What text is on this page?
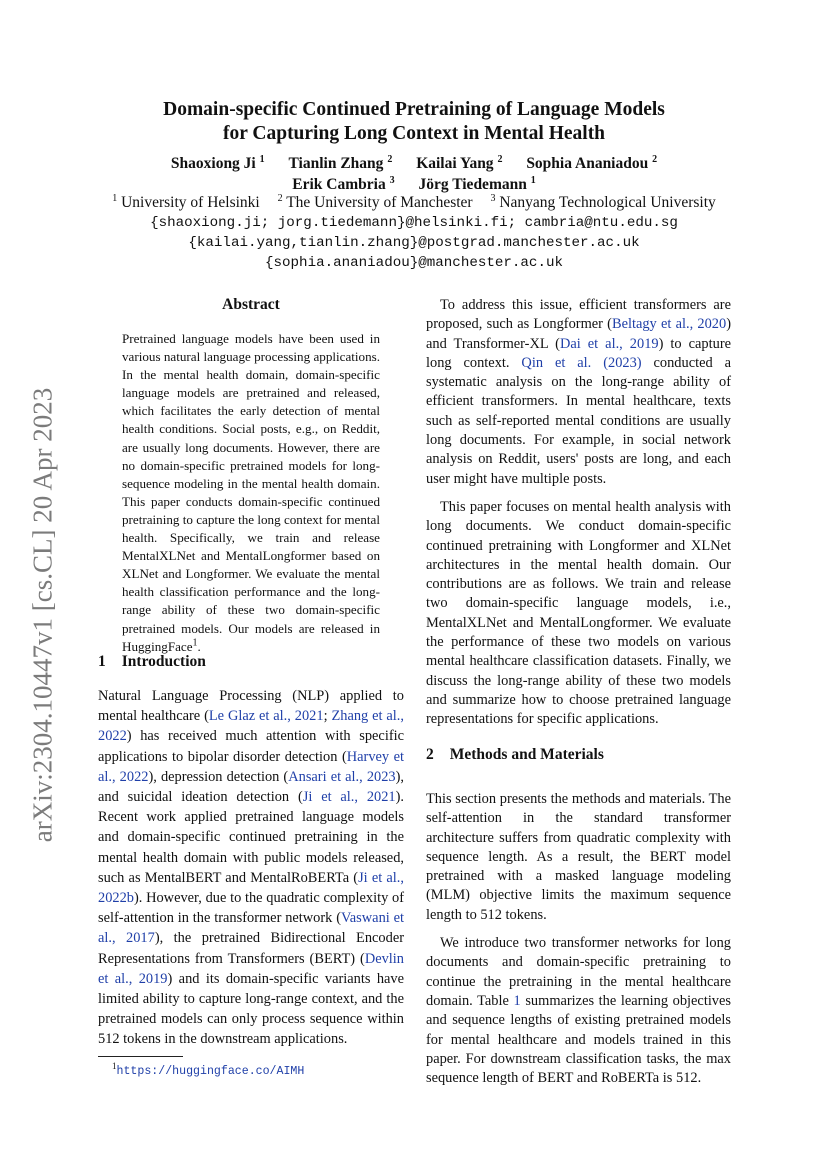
arXiv:2304.10447v1 [cs.CL] 20 Apr 2023
Domain-specific Continued Pretraining of Language Models
for Capturing Long Context in Mental Health
Shaoxiong Ji $^1$ Tianlin Zhang $^2$ Kailai Yang $^2$ Sophia Ananiadou $^2$
Erik Cambria $^3$ Jörg Tiedemann $^1$
$^1$ University of Helsinki $^2$ The University of Manchester $^3$ Nanyang Technological University
{shaoxiong.ji; jorg.tiedemann}@helsinki.fi; cambria@ntu.edu.sg
{kailai.yang,tianlin.zhang}@postgrad.manchester.ac.uk
{sophia.ananiadou}@manchester.ac.uk
Abstract
Pretrained language models have been used in various natural language processing applications. In the mental health domain, domain-specific language models are pretrained and released, which facilitates the early detection of mental health conditions. Social posts, e.g., on Reddit, are usually long documents. However, there are no domain-specific pretrained models for long-sequence modeling in the mental health domain. This paper conducts domain-specific continued pretraining to capture the long context for mental health. Specifically, we train and release MentalXLNet and MentalLongformer based on XLNet and Longformer. We evaluate the mental health classification performance and the long-range ability of these two domain-specific pretrained models. Our models are released in HuggingFace$^1$.
1 Introduction
Natural Language Processing (NLP) applied to mental healthcare (Le Glaz et al., 2021; Zhang et al., 2022) has received much attention with specific applications to bipolar disorder detection (Harvey et al., 2022), depression detection (Ansari et al., 2023), and suicidal ideation detection (Ji et al., 2021). Recent work applied pretrained language models and domain-specific continued pretraining in the mental health domain with public models released, such as MentalBERT and MentalRoBERTa (Ji et al., 2022b). However, due to the quadratic complexity of self-attention in the transformer network (Vaswani et al., 2017), the pretrained Bidirectional Encoder Representations from Transformers (BERT) (Devlin et al., 2019) and its domain-specific variants have limited ability to capture long-range context, and the pretrained models can only process sequence within 512 tokens in the downstream applications.

To address this issue, efficient transformers are proposed, such as Longformer (Beltagy et al., 2020) and Transformer-XL (Dai et al., 2019) to capture long context. Qin et al. (2023) conducted a systematic analysis on the long-range ability of efficient transformers. In mental healthcare, texts such as self-reported mental conditions are usually long documents. For example, in social network analysis on Reddit, users' posts are long, and each user might have multiple posts.

This paper focuses on mental health analysis with long documents. We conduct domain-specific continued pretraining with Longformer and XLNet architectures in the mental health domain. Our contributions are as follows. We train and release two domain-specific language models, i.e., MentalXLNet and MentalLongformer. We evaluate the performance of these two models on various mental healthcare classification datasets. Finally, we discuss the long-range ability of these two models and summarize how to choose pretrained language representations for specific applications.

2 Methods and Materials

This section presents the methods and materials. The self-attention in the standard transformer architecture suffers from quadratic complexity with sequence length. As a result, the BERT model pretrained with a masked language modeling (MLM) objective limits the maximum sequence length to 512 tokens.

We introduce two transformer networks for long documents and domain-specific pretraining to continue the pretraining in the mental healthcare domain. Table 1 summarizes the learning objectives and sequence lengths of existing pretrained models for mental healthcare and models trained in this paper. For downstream classification tasks, the max sequence length of BERT and RoBERTa is 512.

$^1$https://huggingface.co/AIMH
